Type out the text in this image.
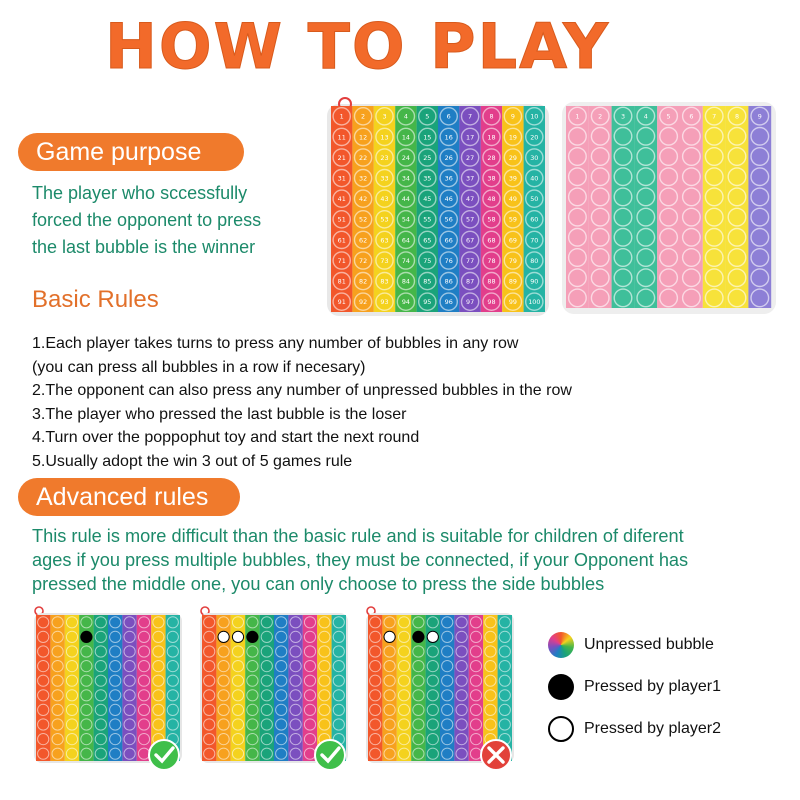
HOW TO PLAY
Game purpose
The player who sccessfully
forced the opponent to press
the last bubble is the winner
Basic Rules
1.Each player takes turns to press any number of bubbles in any row
(you can press all bubbles in a row if necesary)
2.The opponent can also press any number of unpressed bubbles in the row
3.The player who pressed the last bubble is the loser
4.Turn over the poppophut toy and start the next round
5.Usually adopt the win 3 out of 5 games rule
Advanced rules
This rule is more difficult than the basic rule and is suitable for children of diferent
ages if you press multiple bubbles, they must be connected, if your Opponent has
pressed the middle one, you can only choose to press the side bubbles
1	2	3	4	5	6	7	8	9 10
11 12 13 14 15 16 17 18 19 20
21 22 23 24 25 26 27 28 29 30
31 32 33 34 35 36 37 38 39 40
41 42 43 44 45 46 47 48 49 50
51 52 53 54 55 56 57 58 59 60
61 62 63 64 65 66 67 68 69 70
71 72 73 74 75 76 77 78 79 80
81 82 83 84 85 86 87 88 89 90
91 92 93 94 95 96 97 98 99 100
1	2	3	4	5	6	7	8	9
Unpressed bubble
Pressed by player1
Pressed by player2
